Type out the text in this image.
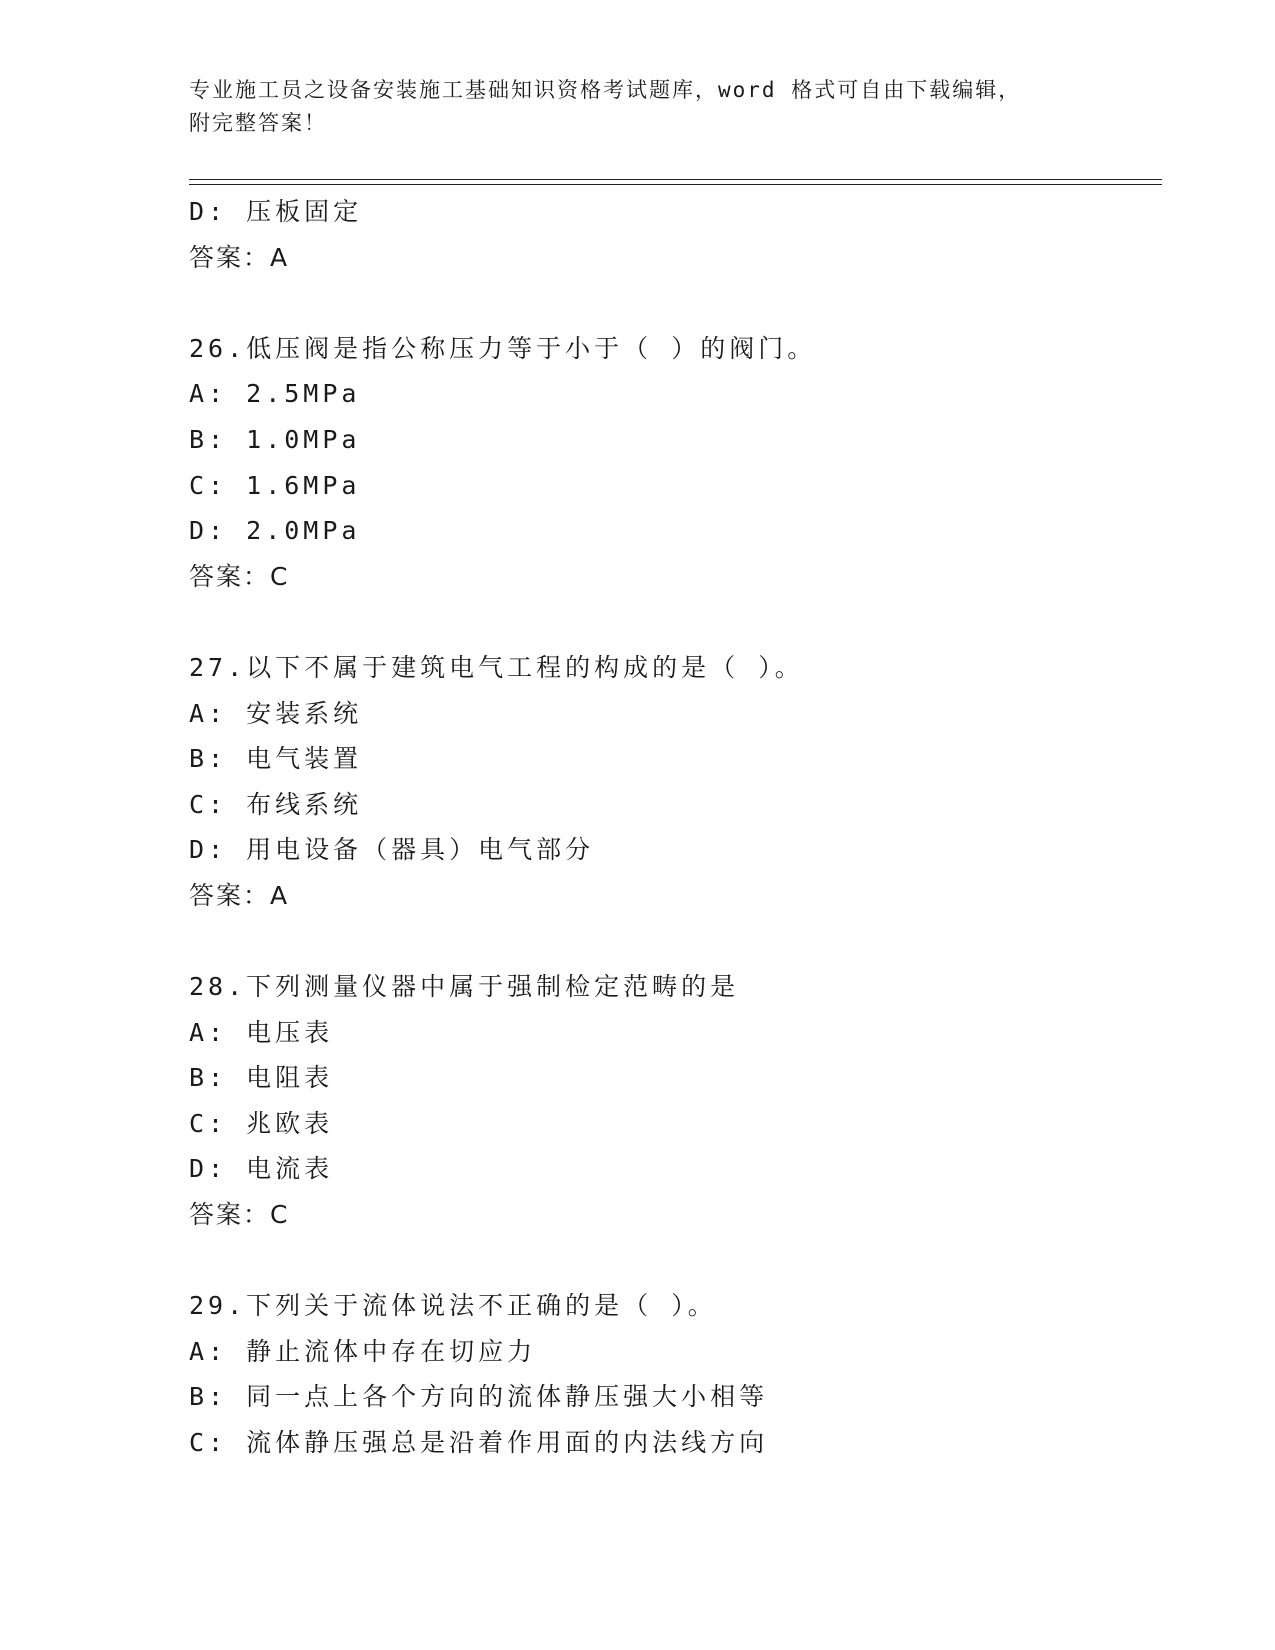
专业施工员之设备安装施工基础知识资格考试题库，word 格式可自由下载编辑，
附完整答案！
D: 压板固定
答案：A
26.低压阀是指公称压力等于小于（ ）的阀门。
A: 2.5MPa
B: 1.0MPa
C: 1.6MPa
D: 2.0MPa
答案：C
27.以下不属于建筑电气工程的构成的是（ ）。
A: 安装系统
B: 电气装置
C: 布线系统
D: 用电设备（器具）电气部分
答案：A
28.下列测量仪器中属于强制检定范畴的是
A: 电压表
B: 电阻表
C: 兆欧表
D: 电流表
答案：C
29.下列关于流体说法不正确的是（ ）。
A: 静止流体中存在切应力
B: 同一点上各个方向的流体静压强大小相等
C: 流体静压强总是沿着作用面的内法线方向
